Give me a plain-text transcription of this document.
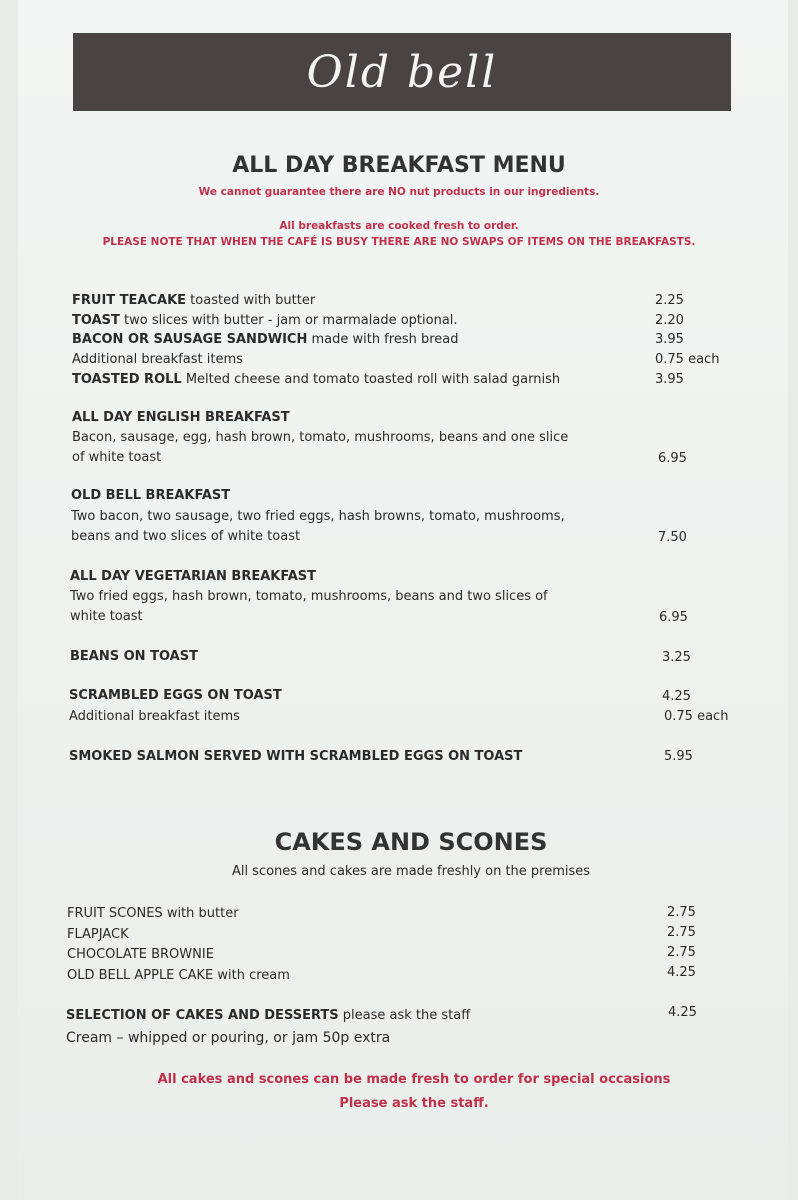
Old bell
ALL DAY BREAKFAST MENU
We cannot guarantee there are NO nut products in our ingredients.
All breakfasts are cooked fresh to order.
PLEASE NOTE THAT WHEN THE CAFÉ IS BUSY THERE ARE NO SWAPS OF ITEMS ON THE BREAKFASTS.
FRUIT TEACAKE toasted with butter	2.25
TOAST two slices with butter - jam or marmalade optional.	2.20
BACON OR SAUSAGE SANDWICH made with fresh bread	3.95
Additional breakfast items	0.75 each
TOASTED ROLL Melted cheese and tomato toasted roll with salad garnish	3.95
ALL DAY ENGLISH BREAKFAST
Bacon, sausage, egg, hash brown, tomato, mushrooms, beans and one slice
of white toast	6.95
OLD BELL BREAKFAST
Two bacon, two sausage, two fried eggs, hash browns, tomato, mushrooms,
beans and two slices of white toast	7.50
ALL DAY VEGETARIAN BREAKFAST
Two fried eggs, hash brown, tomato, mushrooms, beans and two slices of
white toast	6.95
BEANS ON TOAST	3.25
SCRAMBLED EGGS ON TOAST	4.25
Additional breakfast items	0.75 each
SMOKED SALMON SERVED WITH SCRAMBLED EGGS ON TOAST	5.95
CAKES AND SCONES
All scones and cakes are made freshly on the premises
FRUIT SCONES with butter	2.75
FLAPJACK	2.75
CHOCOLATE BROWNIE	2.75
OLD BELL APPLE CAKE with cream	4.25
SELECTION OF CAKES AND DESSERTS please ask the staff	4.25
Cream – whipped or pouring, or jam 50p extra
All cakes and scones can be made fresh to order for special occasions
Please ask the staff.
